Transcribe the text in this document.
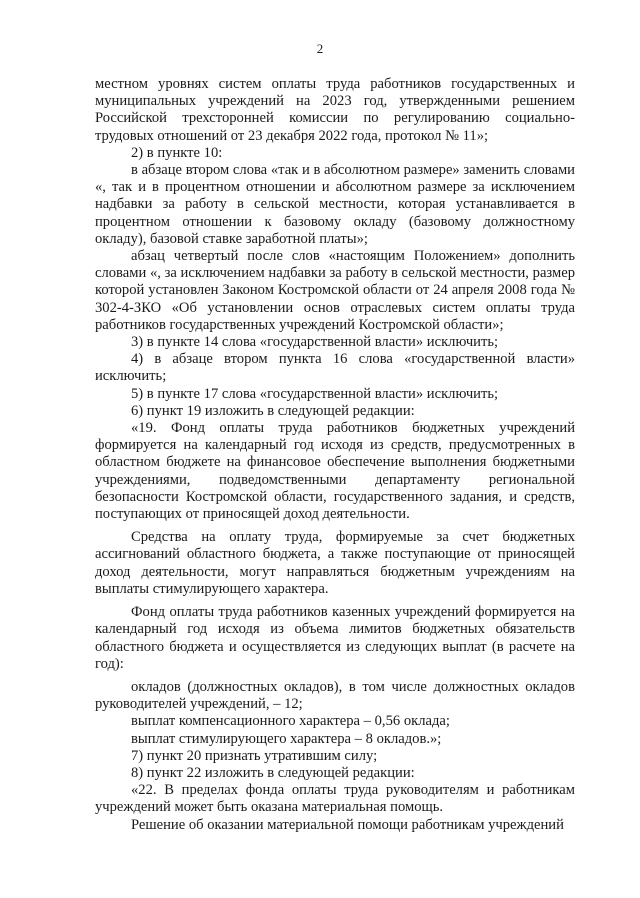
2

местном уровнях систем оплаты труда работников государственных и муниципальных учреждений на 2023 год, утвержденными решением Российской трехсторонней комиссии по регулированию социально-трудовых отношений от 23 декабря 2022 года, протокол № 11»;

2) в пункте 10:

в абзаце втором слова «так и в абсолютном размере» заменить словами «, так и в процентном отношении и абсолютном размере за исключением надбавки за работу в сельской местности, которая устанавливается в процентном отношении к базовому окладу (базовому должностному окладу), базовой ставке заработной платы»;

абзац четвертый после слов «настоящим Положением» дополнить словами «, за исключением надбавки за работу в сельской местности, размер которой установлен Законом Костромской области от 24 апреля 2008 года № 302-4-ЗКО «Об установлении основ отраслевых систем оплаты труда работников государственных учреждений Костромской области»;

3) в пункте 14 слова «государственной власти» исключить;

4) в абзаце втором пункта 16 слова «государственной власти» исключить;

5) в пункте 17 слова «государственной власти» исключить;

6) пункт 19 изложить в следующей редакции:

«19. Фонд оплаты труда работников бюджетных учреждений формируется на календарный год исходя из средств, предусмотренных в областном бюджете на финансовое обеспечение выполнения бюджетными учреждениями, подведомственными департаменту региональной безопасности Костромской области, государственного задания, и средств, поступающих от приносящей доход деятельности.

Средства на оплату труда, формируемые за счет бюджетных ассигнований областного бюджета, а также поступающие от приносящей доход деятельности, могут направляться бюджетным учреждениям на выплаты стимулирующего характера.

Фонд оплаты труда работников казенных учреждений формируется на календарный год исходя из объема лимитов бюджетных обязательств областного бюджета и осуществляется из следующих выплат (в расчете на год):

окладов (должностных окладов), в том числе должностных окладов руководителей учреждений, – 12;

выплат компенсационного характера – 0,56 оклада;

выплат стимулирующего характера – 8 окладов.»;

7) пункт 20 признать утратившим силу;

8) пункт 22 изложить в следующей редакции:

«22. В пределах фонда оплаты труда руководителям и работникам учреждений может быть оказана материальная помощь.

Решение об оказании материальной помощи работникам учреждений
